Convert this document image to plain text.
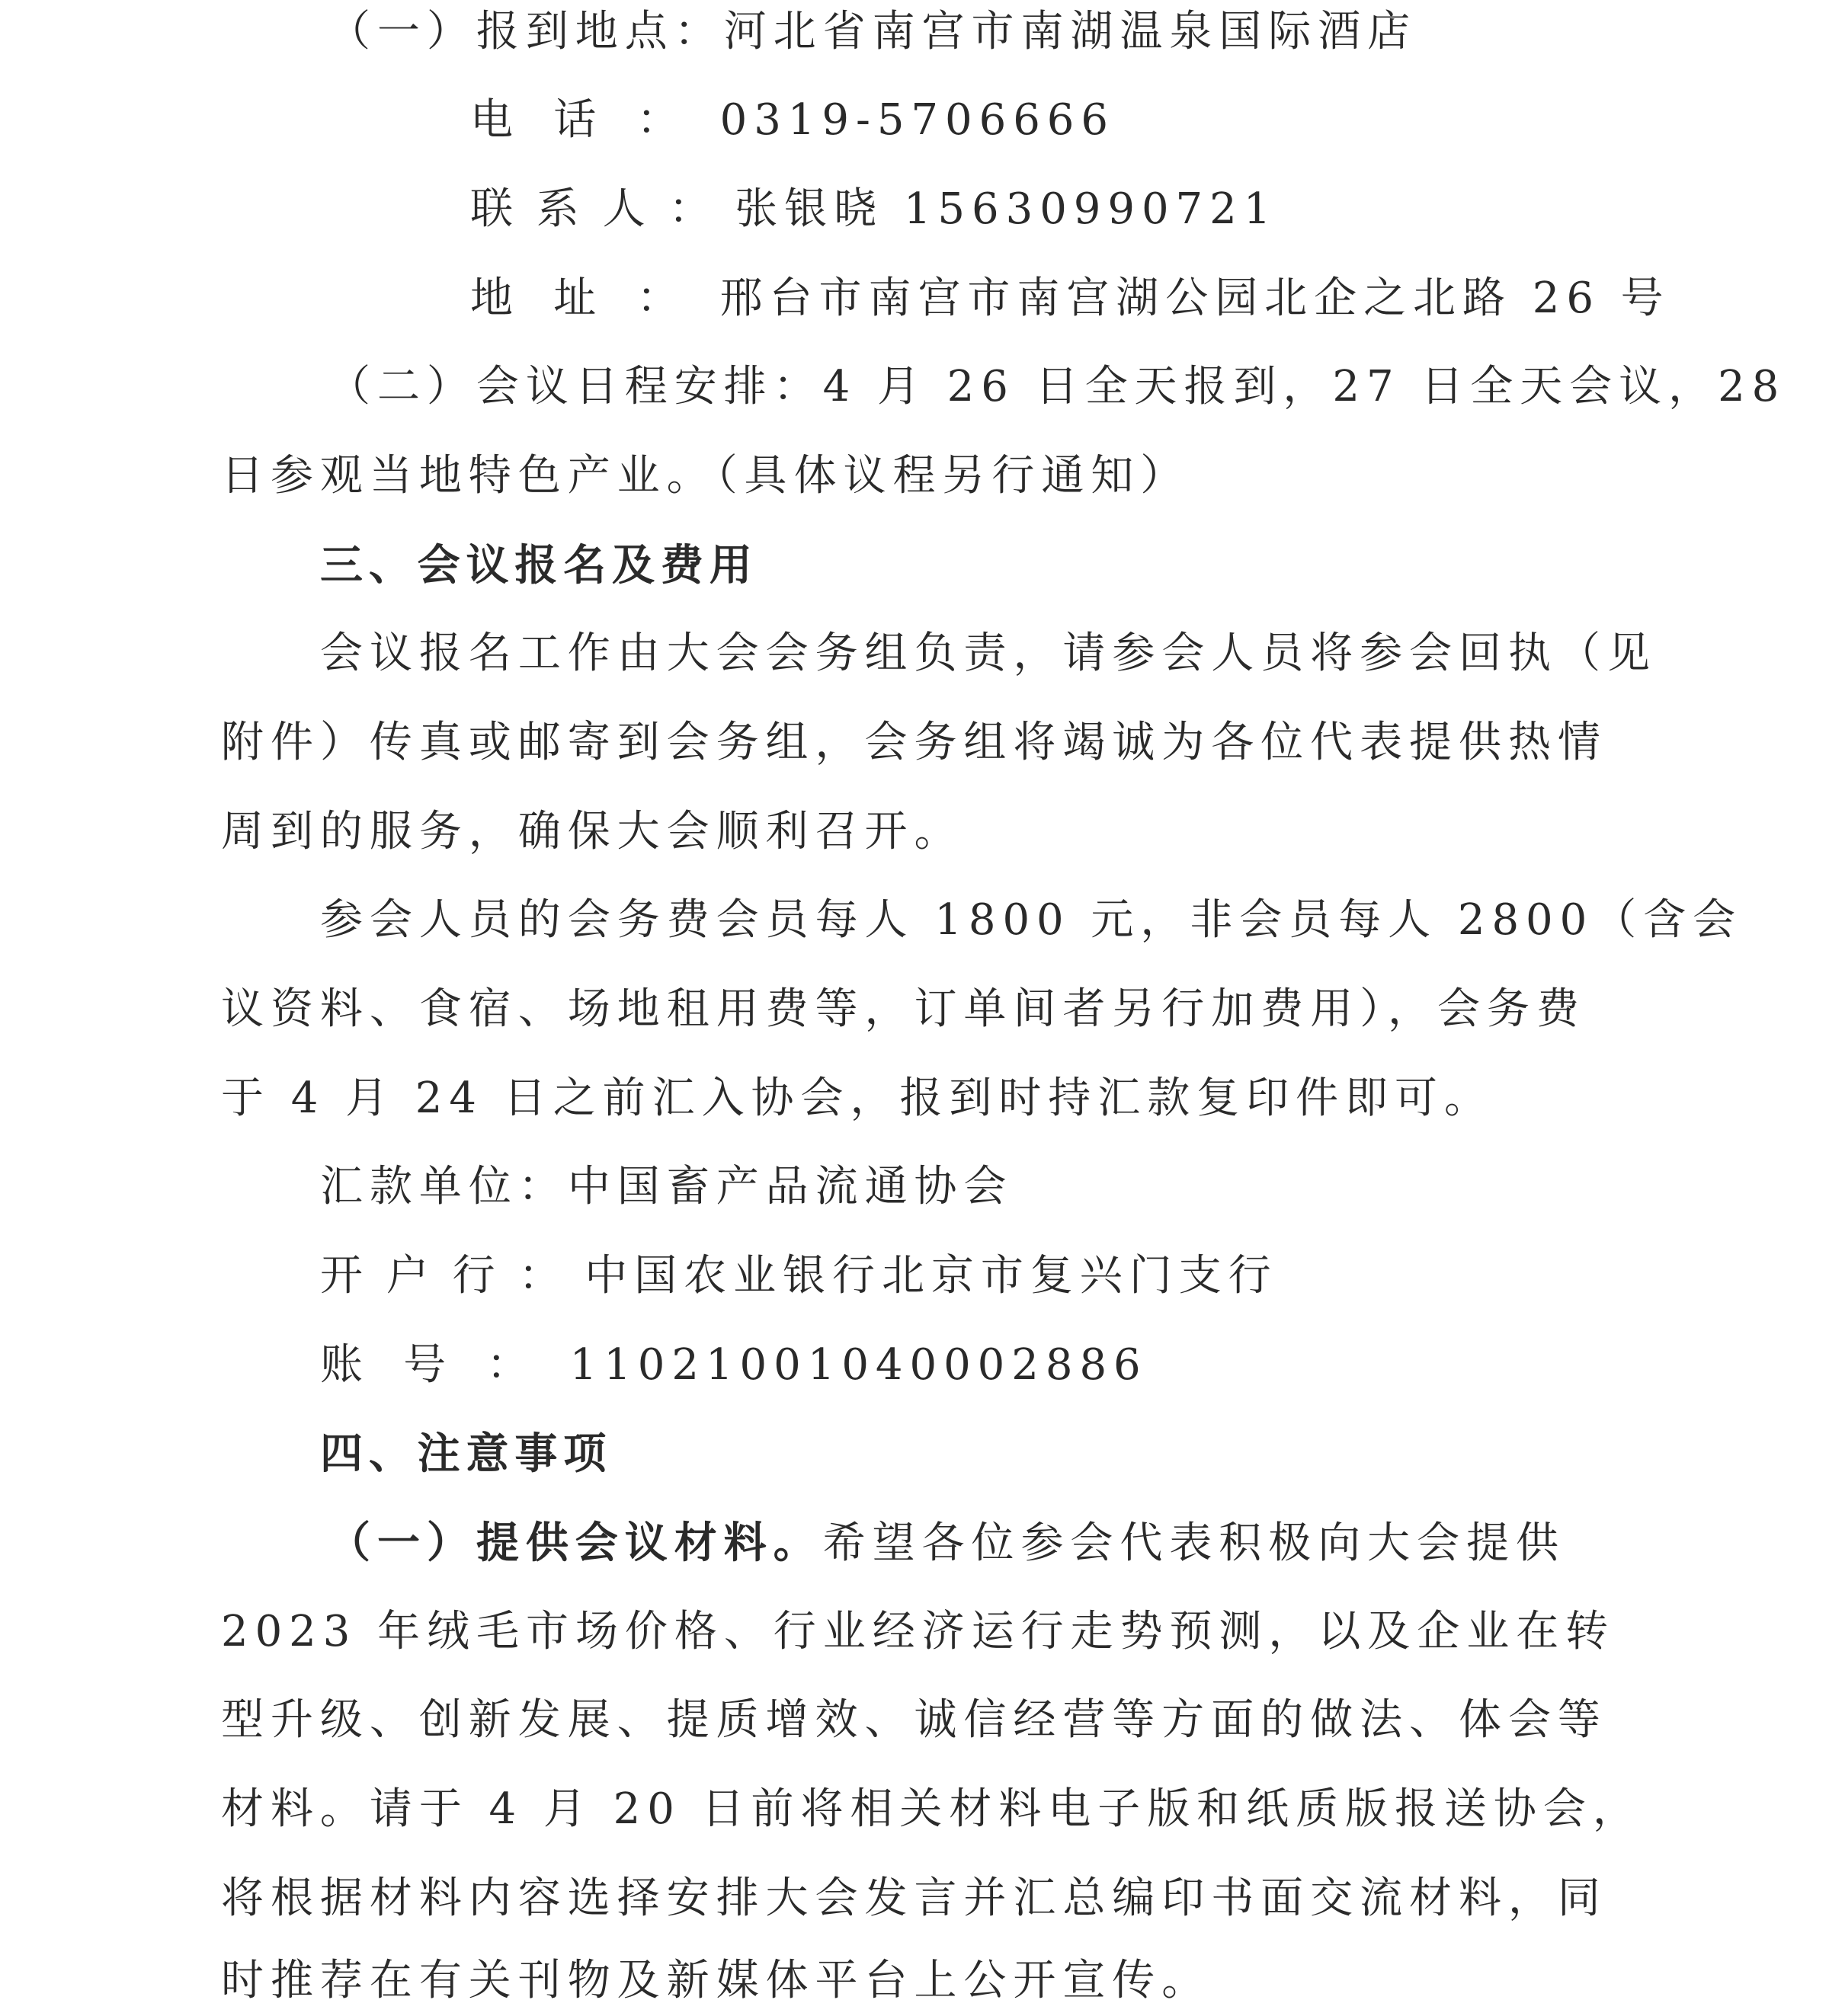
（一）报到地点：河北省南宫市南湖温泉国际酒店
电话：0319-5706666
联系人：张银晓 15630990721
地址：邢台市南宫市南宫湖公园北企之北路 26 号
（二）会议日程安排：4 月 26 日全天报到，27 日全天会议，28
日参观当地特色产业。（具体议程另行通知）
三、会议报名及费用
会议报名工作由大会会务组负责，请参会人员将参会回执（见
附件）传真或邮寄到会务组，会务组将竭诚为各位代表提供热情
周到的服务，确保大会顺利召开。
参会人员的会务费会员每人 1800 元，非会员每人 2800（含会
议资料、食宿、场地租用费等，订单间者另行加费用），会务费
于 4 月 24 日之前汇入协会，报到时持汇款复印件即可。
汇款单位：中国畜产品流通协会
开户行：中国农业银行北京市复兴门支行
账号：11021001040002886
四、注意事项
（一）提供会议材料。希望各位参会代表积极向大会提供
2023 年绒毛市场价格、行业经济运行走势预测，以及企业在转
型升级、创新发展、提质增效、诚信经营等方面的做法、体会等
材料。请于 4 月 20 日前将相关材料电子版和纸质版报送协会，
将根据材料内容选择安排大会发言并汇总编印书面交流材料，同
时推荐在有关刊物及新媒体平台上公开宣传。
